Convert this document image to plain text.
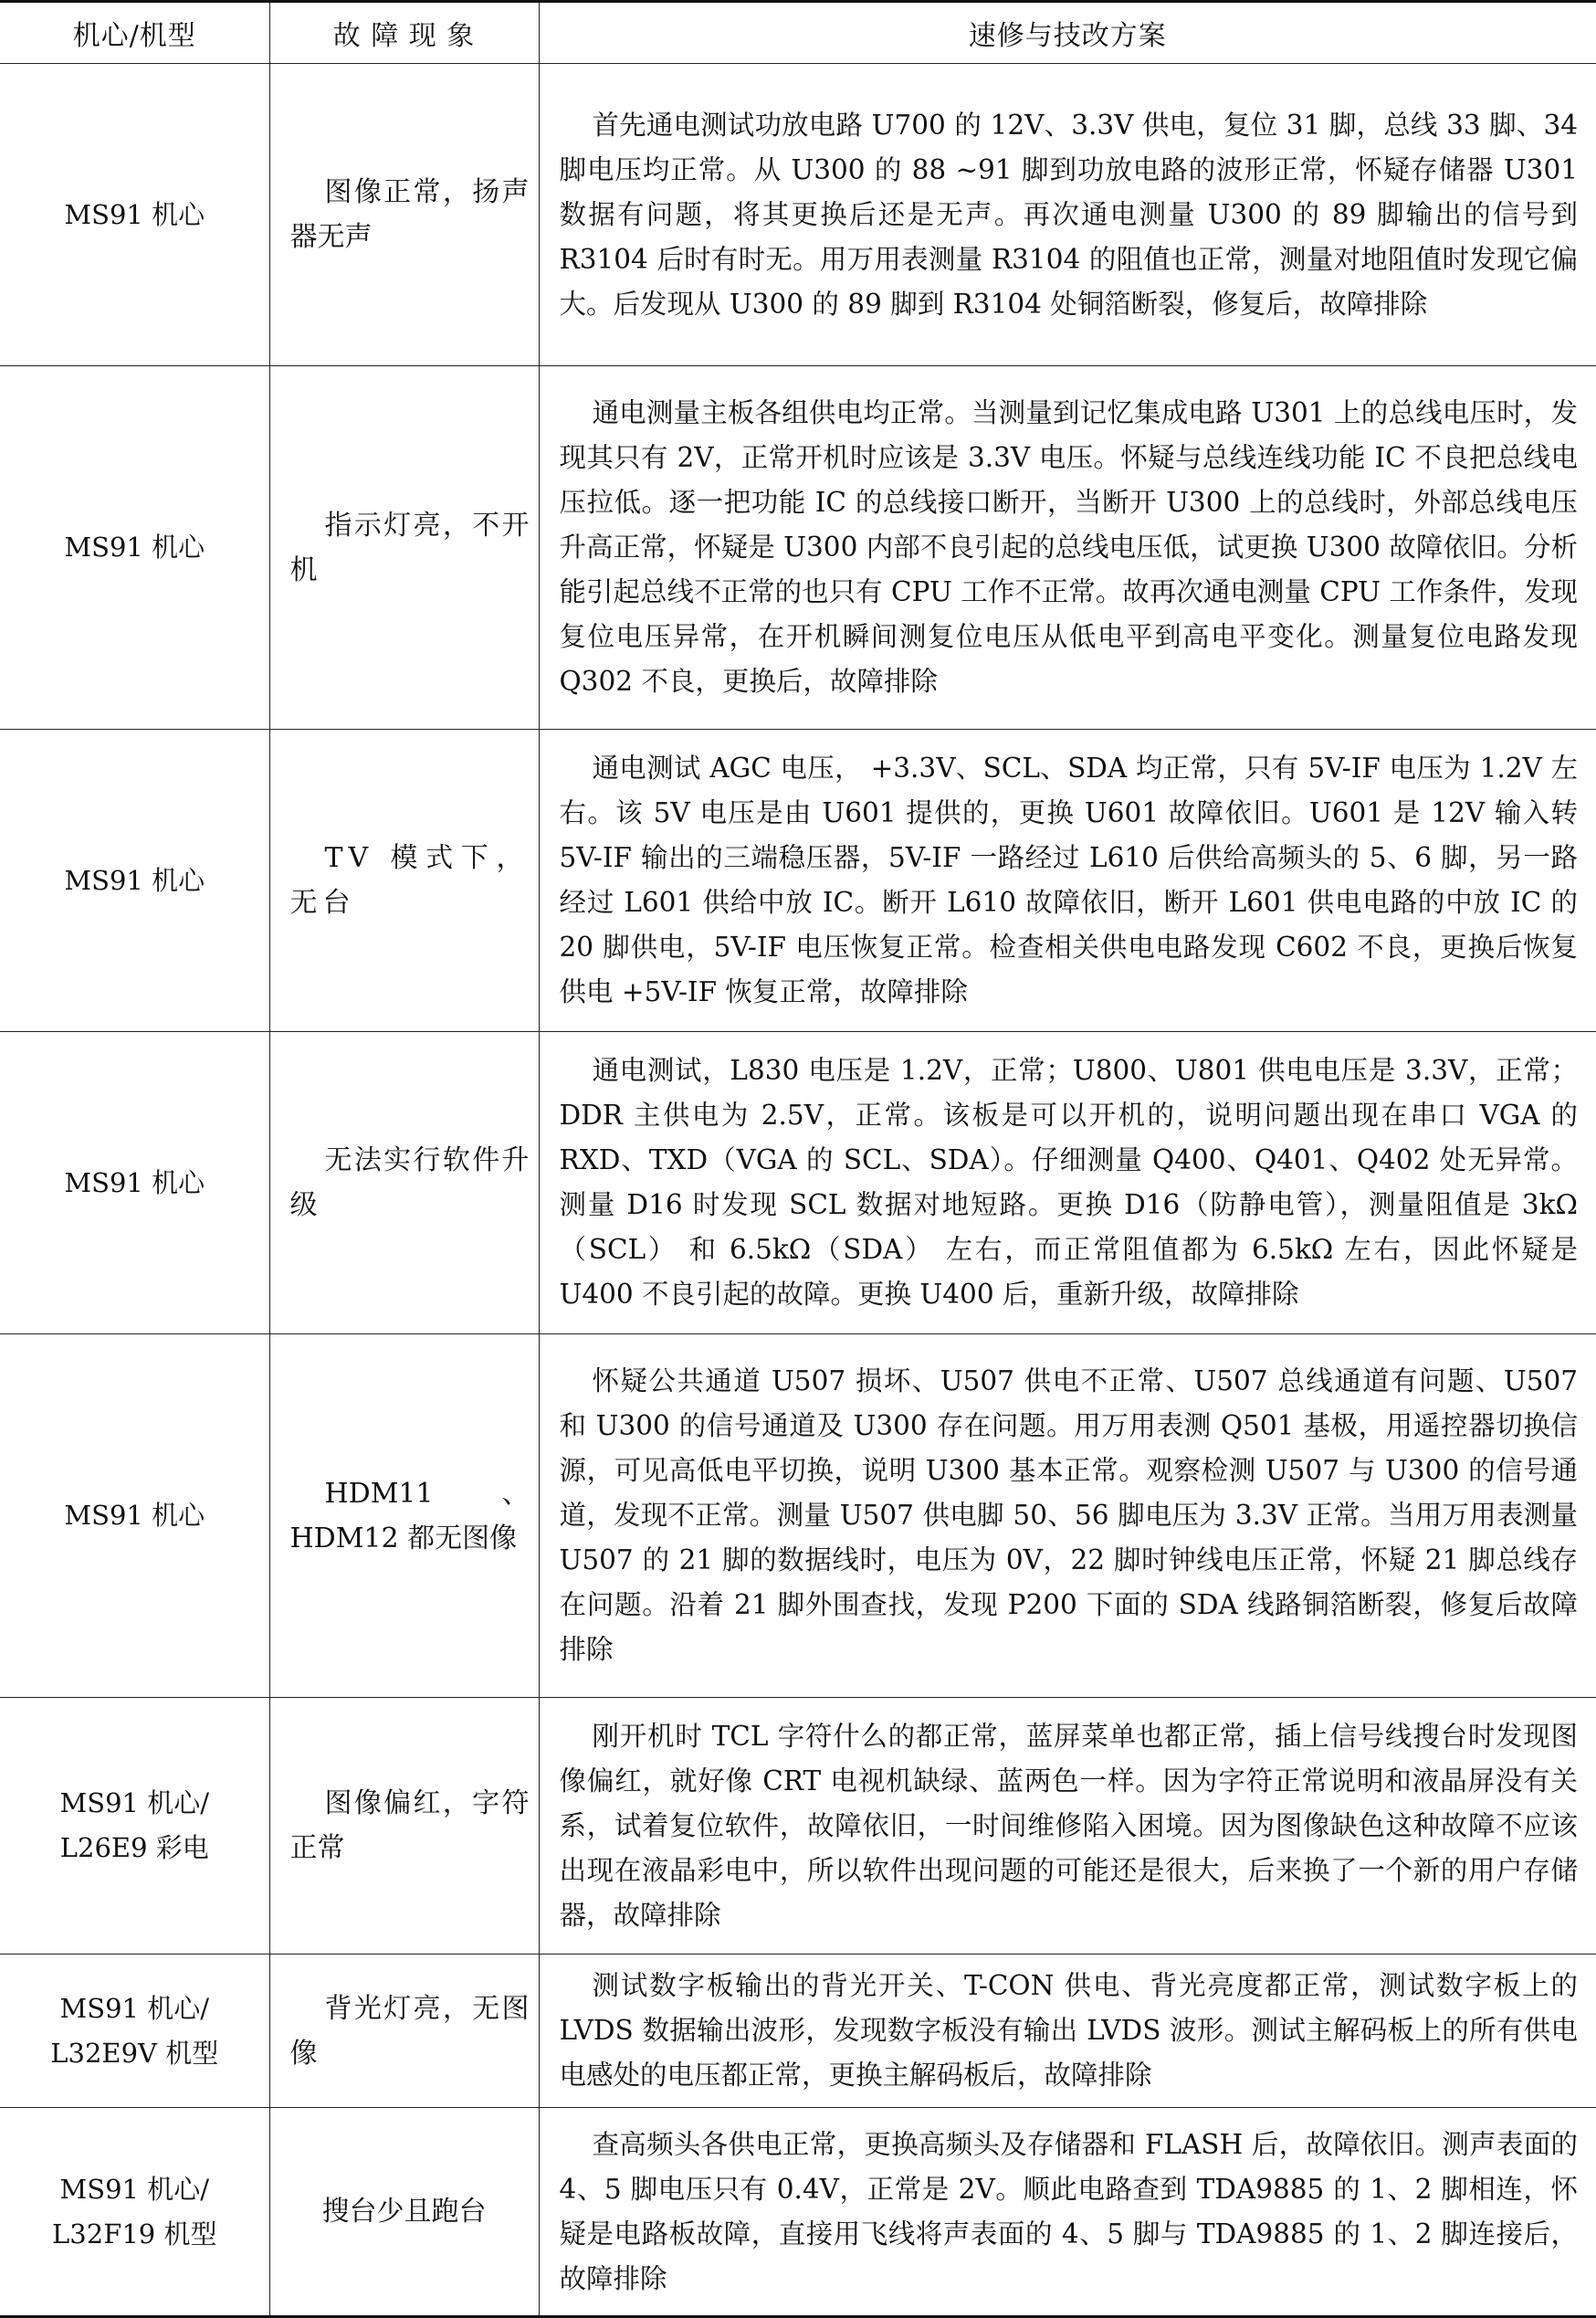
机心/机型	故 障 现 象	速修与技改方案
MS91 机心	图像正常，扬声器无声	首先通电测试功放电路 U700 的 12V、3.3V 供电，复位 31 脚，总线 33 脚、34 脚电压均正常。从 U300 的 88 ~91 脚到功放电路的波形正常，怀疑存储器 U301 数据有问题，将其更换后还是无声。再次通电测量 U300 的 89 脚输出的信号到 R3104 后时有时无。用万用表测量 R3104 的阻值也正常，测量对地阻值时发现它偏大。后发现从 U300 的 89 脚到 R3104 处铜箔断裂，修复后，故障排除
MS91 机心	指示灯亮，不开机	通电测量主板各组供电均正常。当测量到记忆集成电路 U301 上的总线电压时，发现其只有 2V，正常开机时应该是 3.3V 电压。怀疑与总线连线功能 IC 不良把总线电压拉低。逐一把功能 IC 的总线接口断开，当断开 U300 上的总线时，外部总线电压升高正常，怀疑是 U300 内部不良引起的总线电压低，试更换 U300 故障依旧。分析能引起总线不正常的也只有 CPU 工作不正常。故再次通电测量 CPU 工作条件，发现复位电压异常，在开机瞬间测复位电压从低电平到高电平变化。测量复位电路发现 Q302 不良，更换后，故障排除
MS91 机心	TV 模式下，无台	通电测试 AGC 电压， +3.3V、SCL、SDA 均正常，只有 5V-IF 电压为 1.2V 左右。该 5V 电压是由 U601 提供的，更换 U601 故障依旧。U601 是 12V 输入转 5V-IF 输出的三端稳压器，5V-IF 一路经过 L610 后供给高频头的 5、6 脚，另一路经过 L601 供给中放 IC。断开 L610 故障依旧，断开 L601 供电电路的中放 IC 的 20 脚供电，5V-IF 电压恢复正常。检查相关供电电路发现 C602 不良，更换后恢复供电 +5V-IF 恢复正常，故障排除
MS91 机心	无法实行软件升级	通电测试，L830 电压是 1.2V，正常；U800、U801 供电电压是 3.3V，正常；DDR 主供电为 2.5V，正常。该板是可以开机的，说明问题出现在串口 VGA 的 RXD、TXD（VGA 的 SCL、SDA）。仔细测量 Q400、Q401、Q402 处无异常。测量 D16 时发现 SCL 数据对地短路。更换 D16（防静电管），测量阻值是 3kΩ（SCL） 和 6.5kΩ（SDA） 左右，而正常阻值都为 6.5kΩ 左右，因此怀疑是 U400 不良引起的故障。更换 U400 后，重新升级，故障排除
MS91 机心	HDM11、HDM12 都无图像	怀疑公共通道 U507 损坏、U507 供电不正常、U507 总线通道有问题、U507 和 U300 的信号通道及 U300 存在问题。用万用表测 Q501 基极，用遥控器切换信源，可见高低电平切换，说明 U300 基本正常。观察检测 U507 与 U300 的信号通道，发现不正常。测量 U507 供电脚 50、56 脚电压为 3.3V 正常。当用万用表测量 U507 的 21 脚的数据线时，电压为 0V，22 脚时钟线电压正常，怀疑 21 脚总线存在问题。沿着 21 脚外围查找，发现 P200 下面的 SDA 线路铜箔断裂，修复后故障排除
MS91 机心/
L26E9 彩电	图像偏红，字符正常	刚开机时 TCL 字符什么的都正常，蓝屏菜单也都正常，插上信号线搜台时发现图像偏红，就好像 CRT 电视机缺绿、蓝两色一样。因为字符正常说明和液晶屏没有关系，试着复位软件，故障依旧，一时间维修陷入困境。因为图像缺色这种故障不应该出现在液晶彩电中，所以软件出现问题的可能还是很大，后来换了一个新的用户存储器，故障排除
MS91 机心/
L32E9V 机型	背光灯亮，无图像	测试数字板输出的背光开关、T-CON 供电、背光亮度都正常，测试数字板上的 LVDS 数据输出波形，发现数字板没有输出 LVDS 波形。测试主解码板上的所有供电电感处的电压都正常，更换主解码板后，故障排除
MS91 机心/
L32F19 机型	搜台少且跑台	查高频头各供电正常，更换高频头及存储器和 FLASH 后，故障依旧。测声表面的 4、5 脚电压只有 0.4V，正常是 2V。顺此电路查到 TDA9885 的 1、2 脚相连，怀疑是电路板故障，直接用飞线将声表面的 4、5 脚与 TDA9885 的 1、2 脚连接后，故障排除
